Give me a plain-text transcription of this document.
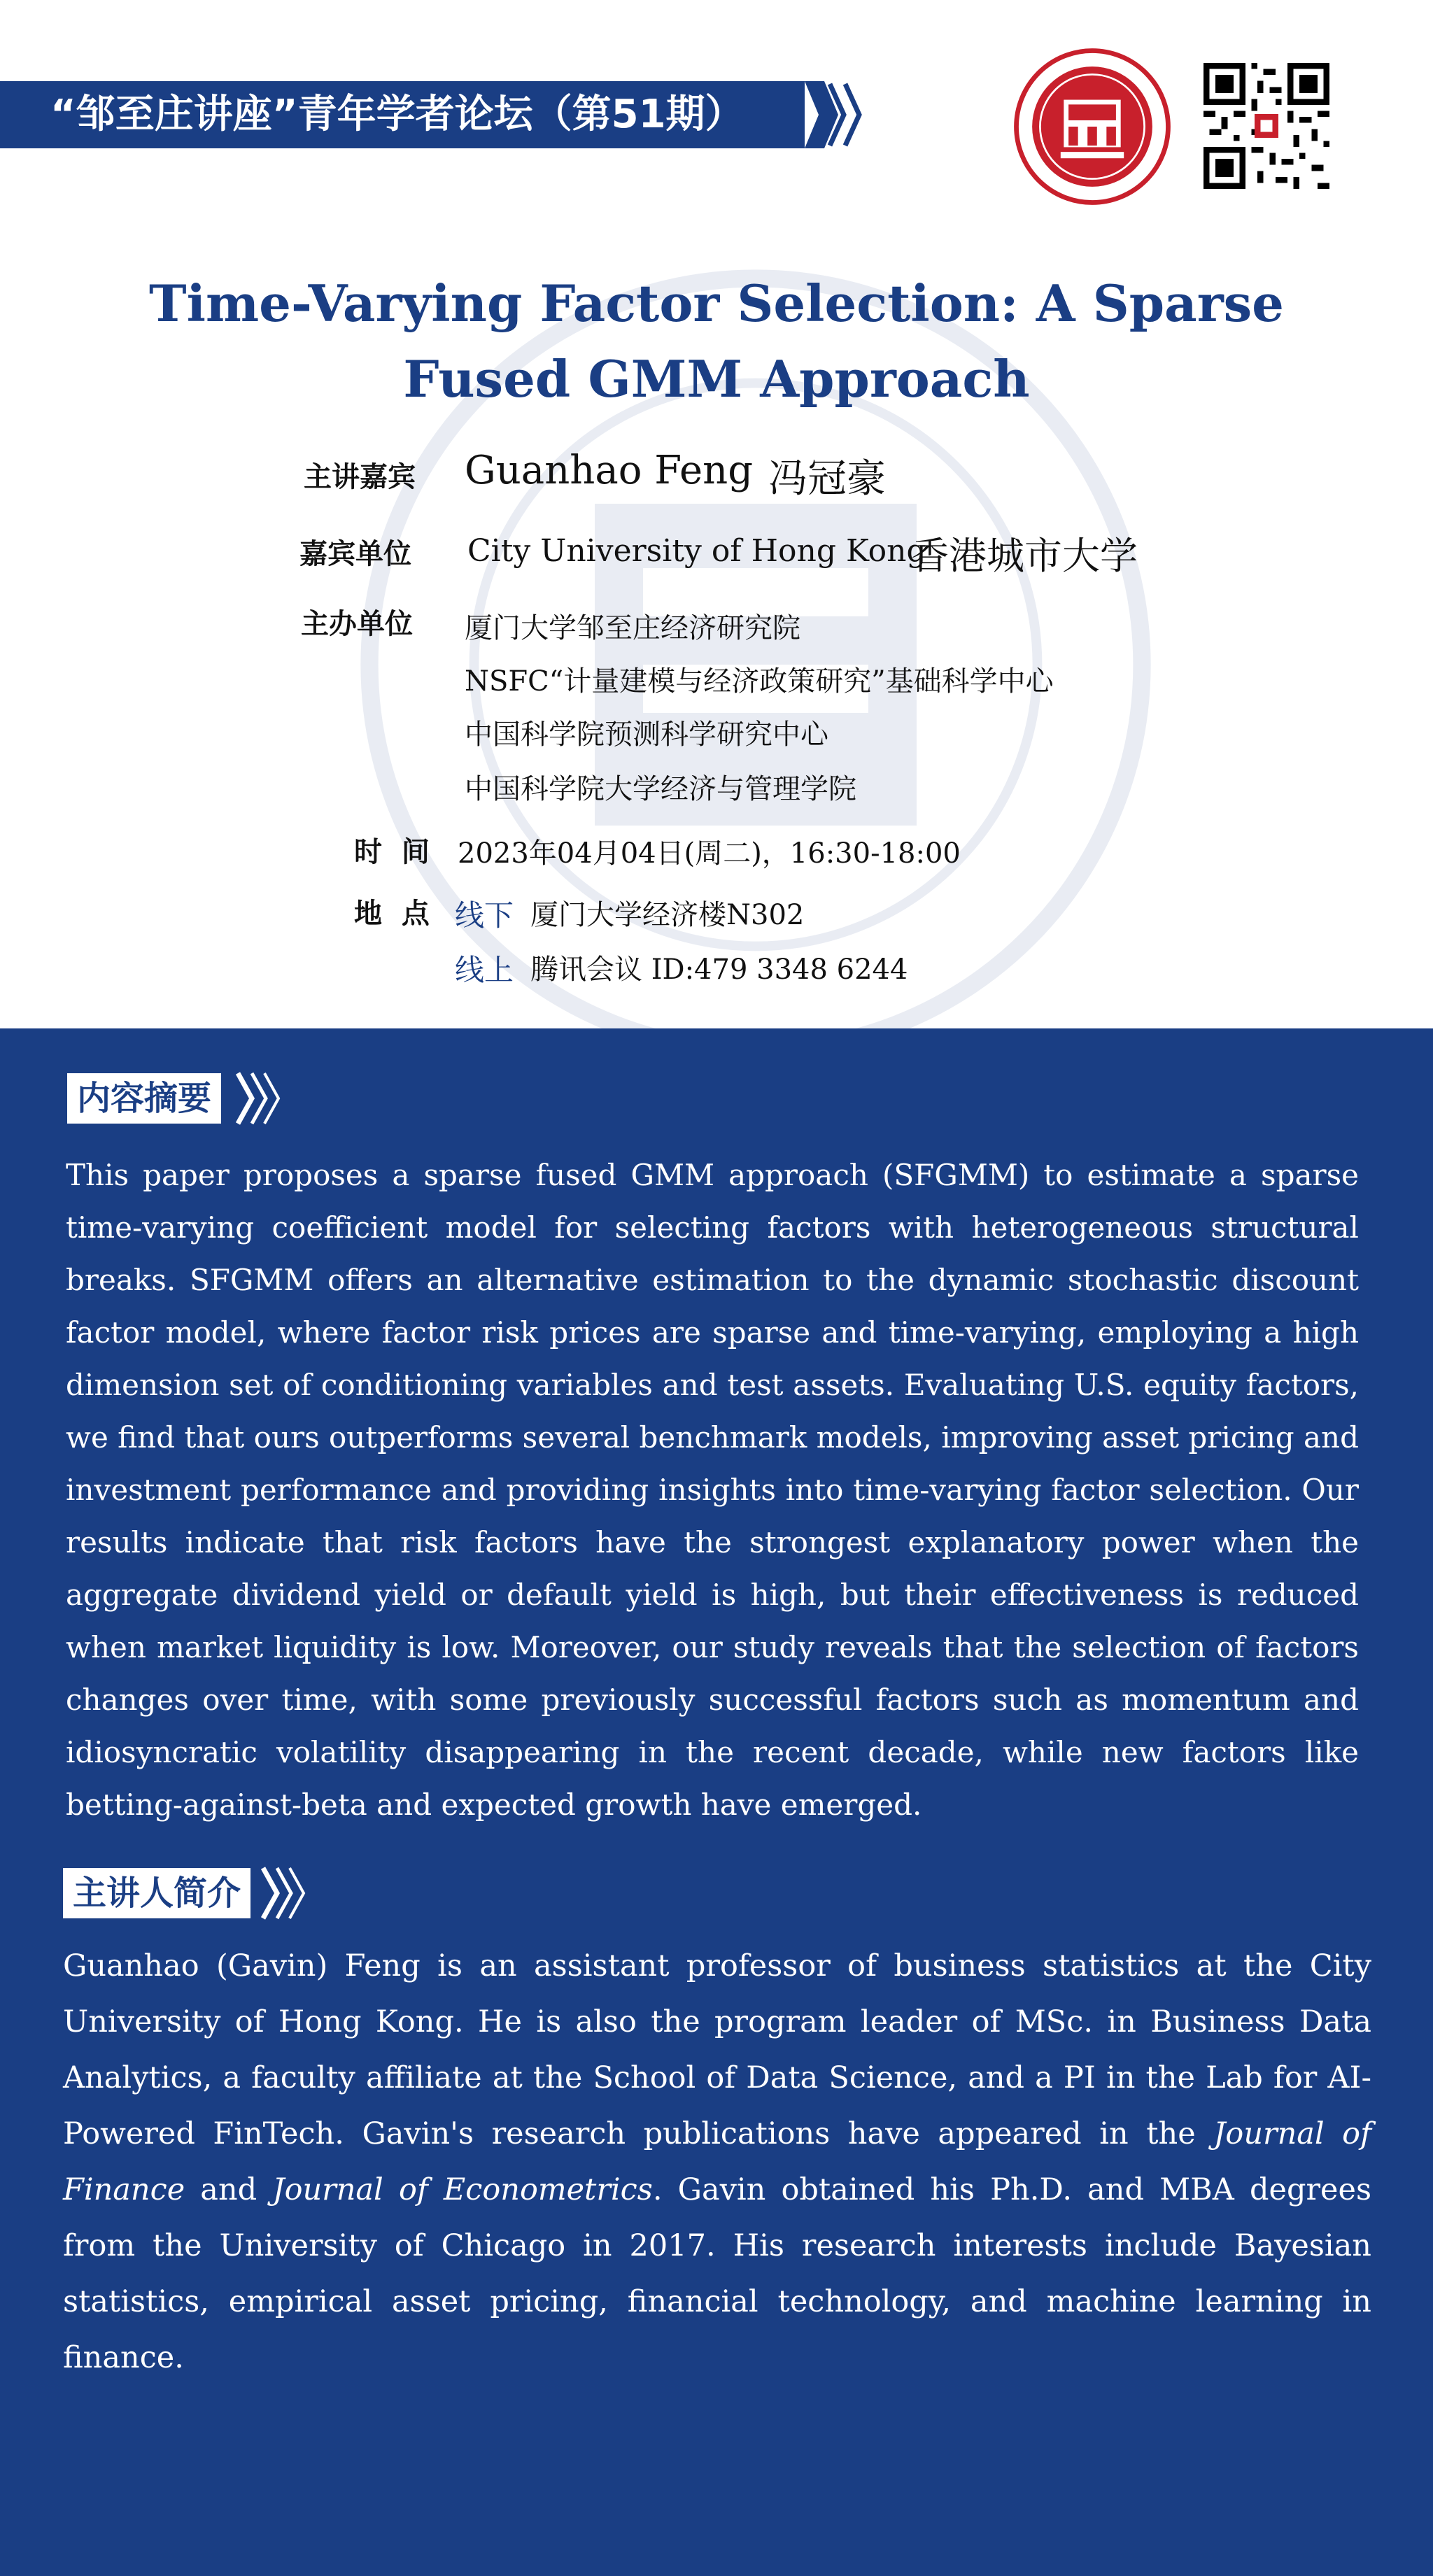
“邹至庄讲座”青年学者论坛（第51期）
Time-Varying Factor Selection: A Sparse Fused GMM Approach
主讲嘉宾 Guanhao Feng 冯冠豪
嘉宾单位 City University of Hong Kong
香港城市大学
主办单位 厦门大学邹至庄经济研究院
NSFC“计量建模与经济政策研究”基础科学中心
中国科学院预测科学研究中心
中国科学院大学经济与管理学院
时  间 2023年04月04日(周二)，16:30-18:00
地  点 线下 厦门大学经济楼N302
线上 腾讯会议 ID:479 3348 6244
内容摘要

This paper proposes a sparse fused GMM approach (SFGMM) to estimate a sparse time-varying coefficient model for selecting factors with heterogeneous structural breaks. SFGMM offers an alternative estimation to the dynamic stochastic discount factor model, where factor risk prices are sparse and time-varying, employing a high dimension set of conditioning variables and test assets. Evaluating U.S. equity factors, we find that ours outperforms several benchmark models, improving asset pricing and investment performance and providing insights into time-varying factor selection. Our results indicate that risk factors have the strongest explanatory power when the aggregate dividend yield or default yield is high, but their effectiveness is reduced when market liquidity is low. Moreover, our study reveals that the selection of factors changes over time, with some previously successful factors such as momentum and idiosyncratic volatility disappearing in the recent decade, while new factors like betting-against-beta and expected growth have emerged.

主讲人简介

Guanhao (Gavin) Feng is an assistant professor of business statistics at the City University of Hong Kong. He is also the program leader of MSc. in Business Data Analytics, a faculty affiliate at the School of Data Science, and a PI in the Lab for AI-Powered FinTech. Gavin's research publications have appeared in the Journal of Finance and Journal of Econometrics. Gavin obtained his Ph.D. and MBA degrees from the University of Chicago in 2017. His research interests include Bayesian statistics, empirical asset pricing, financial technology, and machine learning in finance.
